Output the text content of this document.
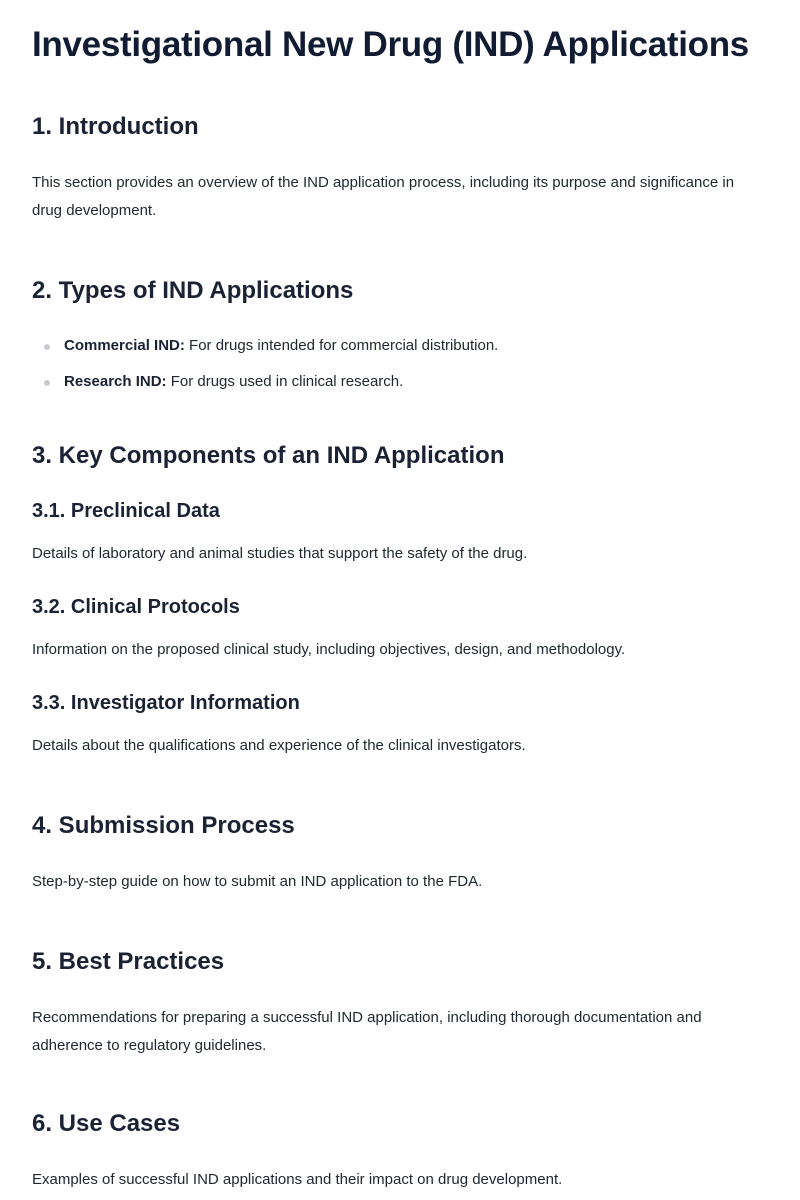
Investigational New Drug (IND) Applications
1. Introduction

This section provides an overview of the IND application process, including its purpose and significance in drug development.

2. Types of IND Applications
Commercial IND: For drugs intended for commercial distribution.
Research IND: For drugs used in clinical research.
3. Key Components of an IND Application
3.1. Preclinical Data

Details of laboratory and animal studies that support the safety of the drug.

3.2. Clinical Protocols

Information on the proposed clinical study, including objectives, design, and methodology.

3.3. Investigator Information

Details about the qualifications and experience of the clinical investigators.

4. Submission Process

Step-by-step guide on how to submit an IND application to the FDA.

5. Best Practices

Recommendations for preparing a successful IND application, including thorough documentation and adherence to regulatory guidelines.

6. Use Cases

Examples of successful IND applications and their impact on drug development.
